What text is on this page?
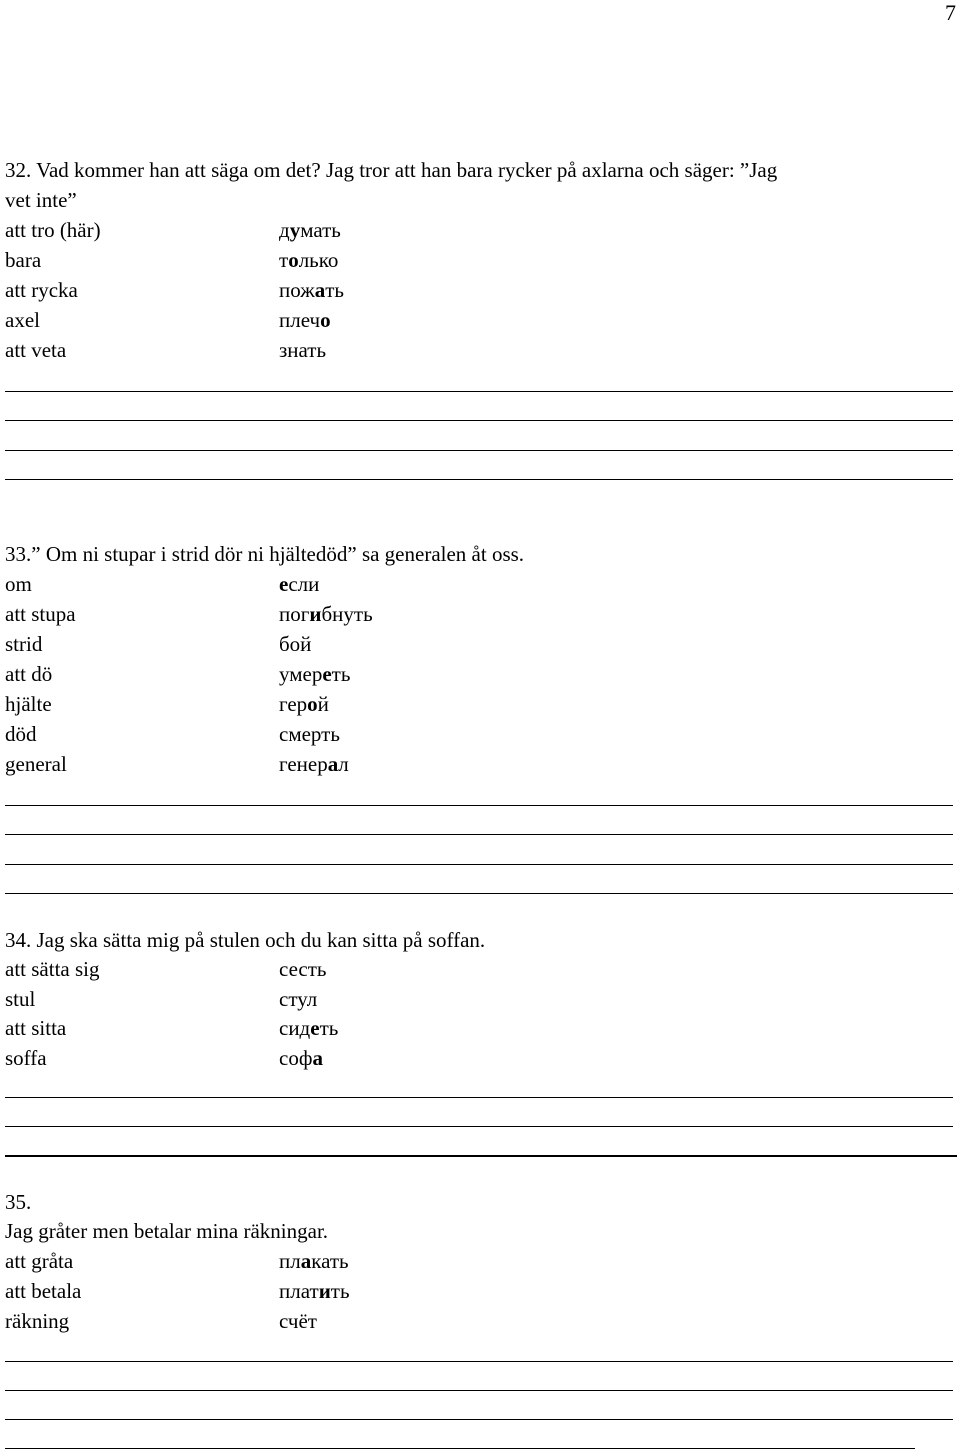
7
32. Vad kommer han att säga om det? Jag tror att han bara rycker på axlarna och säger: ”Jag
vet inte”
att tro (här)	думать
bara	только
att rycka	пожать
axel	плечо
att veta	знать
33.” Om ni stupar i strid dör ni hjältedöd” sa generalen åt oss.
om	если
att stupa	погибнуть
strid	бой
att dö	умереть
hjälte	герой
död	смерть
general	генерал
34. Jag ska sätta mig på stulen och du kan sitta på soffan.
att sätta sig	сесть
stul	стул
att sitta	сидеть
soffa	софа
35.
Jag gråter men betalar mina räkningar.
att gråta	плакать
att betala	платить
räkning	счёт
